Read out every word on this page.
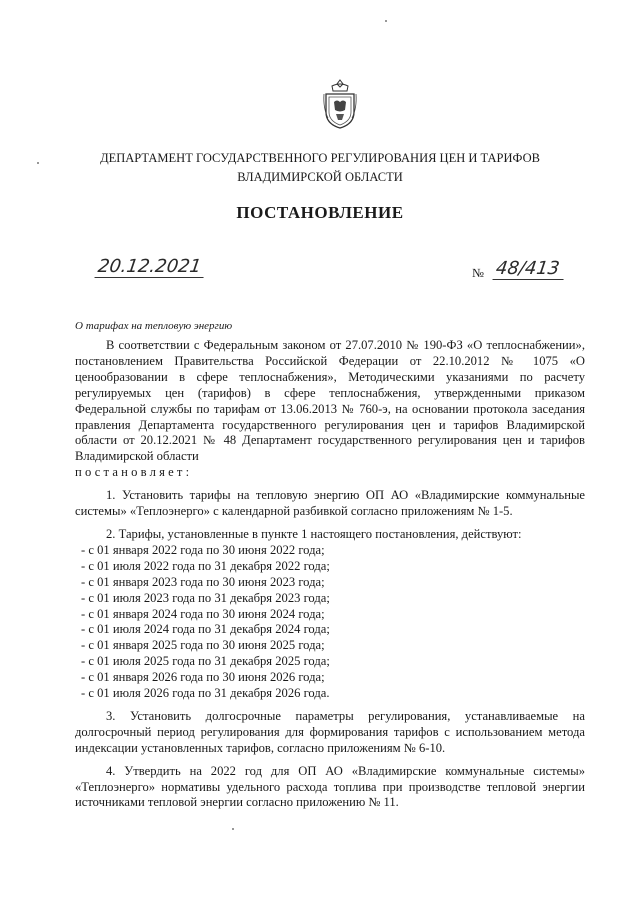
ДЕПАРТАМЕНТ ГОСУДАРСТВЕННОГО РЕГУЛИРОВАНИЯ ЦЕН И ТАРИФОВ
ВЛАДИМИРСКОЙ ОБЛАСТИ
ПОСТАНОВЛЕНИЕ
20.12.2021	№ 48/413
О тарифах на тепловую энергию

В соответствии с Федеральным законом от 27.07.2010 № 190-ФЗ «О теплоснабжении», постановлением Правительства Российской Федерации от 22.10.2012 № 1075 «О ценообразовании в сфере теплоснабжения», Методическими указаниями по расчету регулируемых цен (тарифов) в сфере теплоснабжения, утвержденными приказом Федеральной службы по тарифам от 13.06.2013 № 760-э, на основании протокола заседания правления Департамента государственного регулирования цен и тарифов Владимирской области от 20.12.2021 № 48 Департамент государственного регулирования цен и тарифов Владимирской области

постановляет:

1. Установить тарифы на тепловую энергию ОП АО «Владимирские коммунальные системы» «Теплоэнерго» с календарной разбивкой согласно приложениям № 1-5.

2. Тарифы, установленные в пункте 1 настоящего постановления, действуют:

- с 01 января 2022 года по 30 июня 2022 года;
- с 01 июля 2022 года по 31 декабря 2022 года;
- с 01 января 2023 года по 30 июня 2023 года;
- с 01 июля 2023 года по 31 декабря 2023 года;
- с 01 января 2024 года по 30 июня 2024 года;
- с 01 июля 2024 года по 31 декабря 2024 года;
- с 01 января 2025 года по 30 июня 2025 года;
- с 01 июля 2025 года по 31 декабря 2025 года;
- с 01 января 2026 года по 30 июня 2026 года;
- с 01 июля 2026 года по 31 декабря 2026 года.

3. Установить долгосрочные параметры регулирования, устанавливаемые на долгосрочный период регулирования для формирования тарифов с использованием метода индексации установленных тарифов, согласно приложениям № 6-10.

4. Утвердить на 2022 год для ОП АО «Владимирские коммунальные системы» «Теплоэнерго» нормативы удельного расхода топлива при производстве тепловой энергии источниками тепловой энергии согласно приложению № 11.
